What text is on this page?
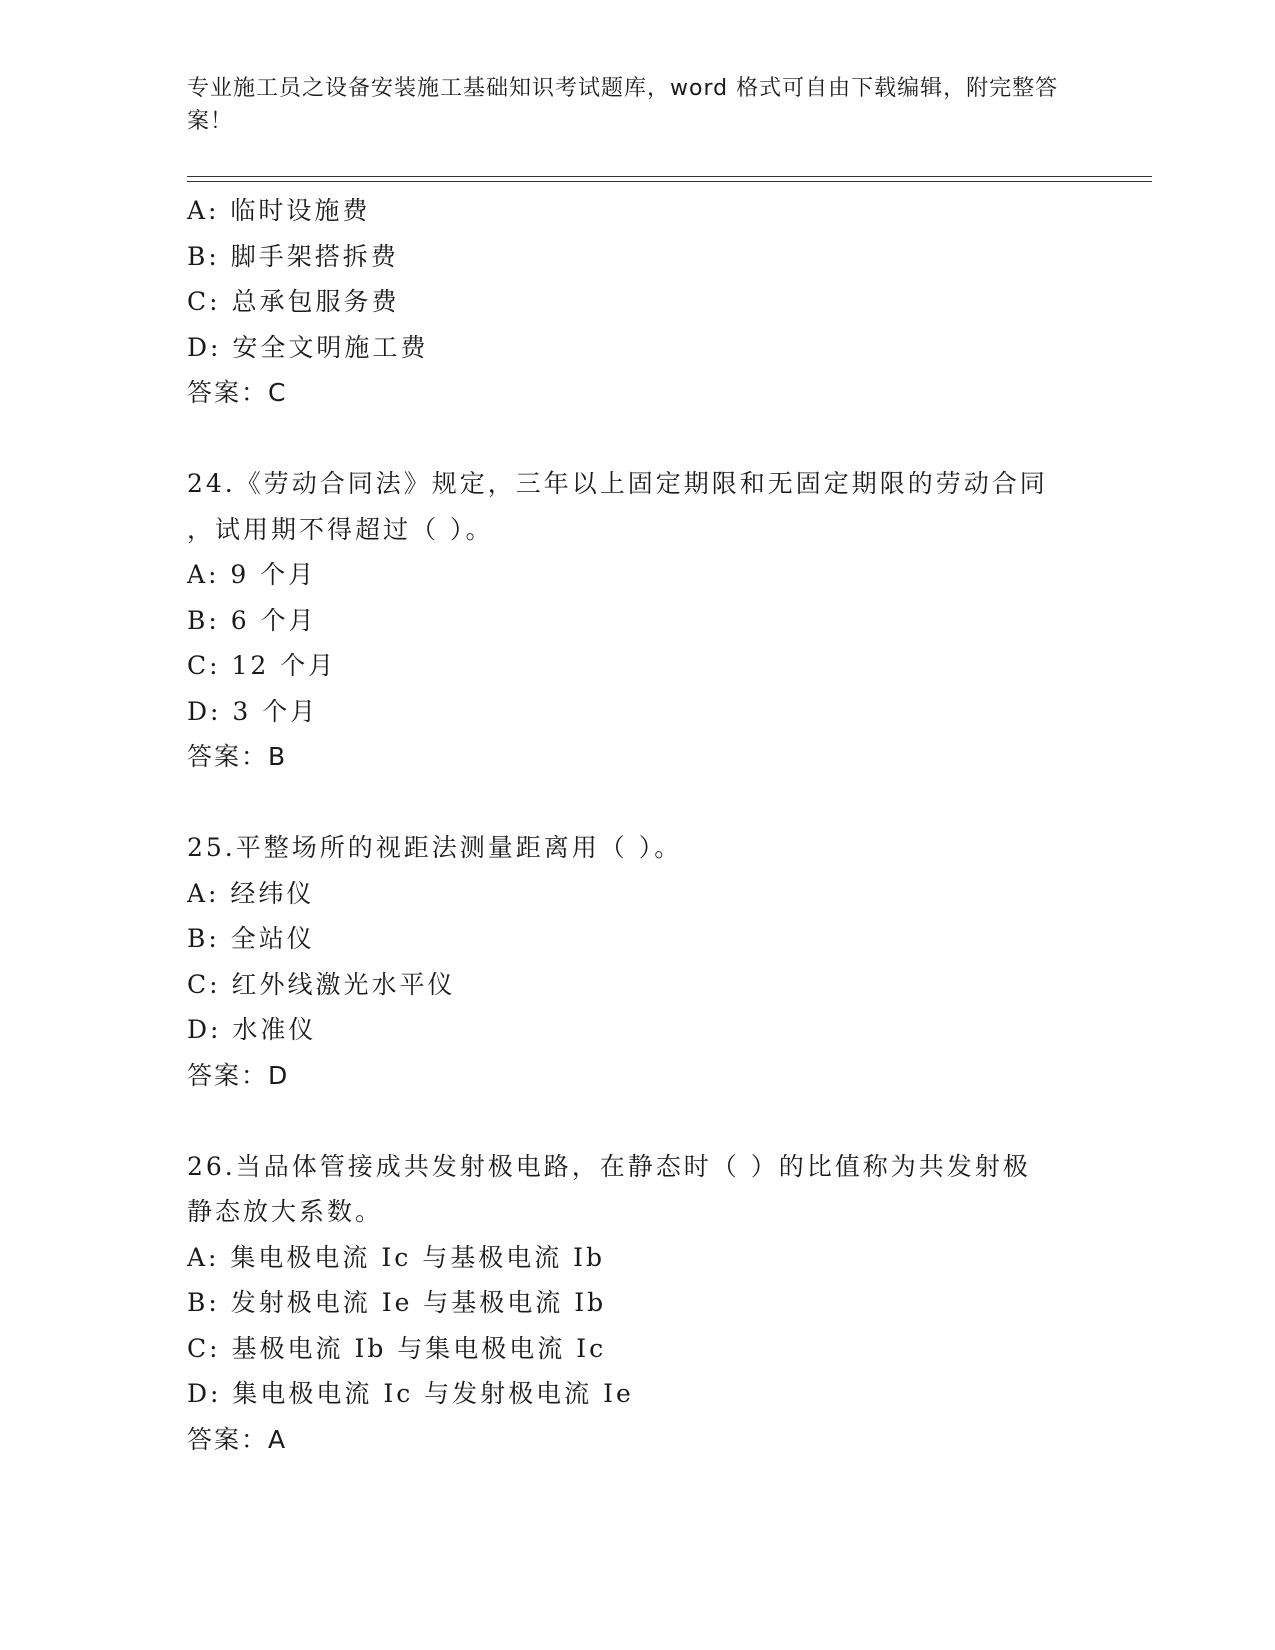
专业施工员之设备安装施工基础知识考试题库，word 格式可自由下载编辑，附完整答案！
A: 临时设施费
B: 脚手架搭拆费
C: 总承包服务费
D: 安全文明施工费
答案：C
24.《劳动合同法》规定，三年以上固定期限和无固定期限的劳动合同
，试用期不得超过（ ）。
A: 9 个月
B: 6 个月
C: 12 个月
D: 3 个月
答案：B
25.平整场所的视距法测量距离用（ ）。
A: 经纬仪
B: 全站仪
C: 红外线激光水平仪
D: 水准仪
答案：D
26.当品体管接成共发射极电路，在静态时（ ）的比值称为共发射极
静态放大系数。
A: 集电极电流 Ic 与基极电流 Ib
B: 发射极电流 Ie 与基极电流 Ib
C: 基极电流 Ib 与集电极电流 Ic
D: 集电极电流 Ic 与发射极电流 Ie
答案：A
